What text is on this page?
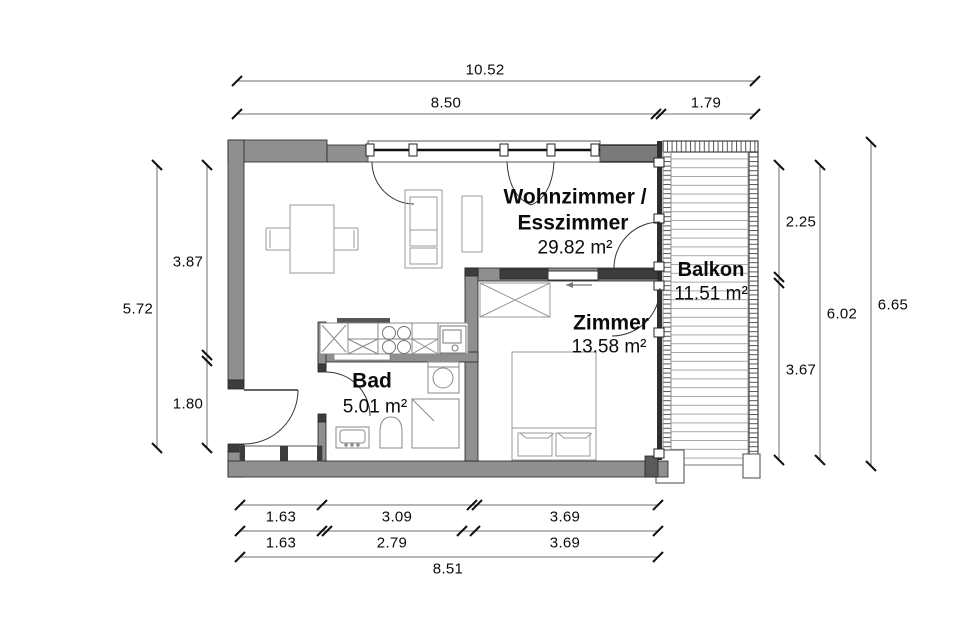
Wohnzimmer /
Esszimmer
29.82 m²
Balkon
11.51 m²
Zimmer
13.58 m²
Bad
5.01 m²
10.52
8.50	1.79
5.72
3.87
1.80
2.25
3.67
6.02
6.65
1.63	3.09	3.69
1.63	2.79	3.69
8.51
